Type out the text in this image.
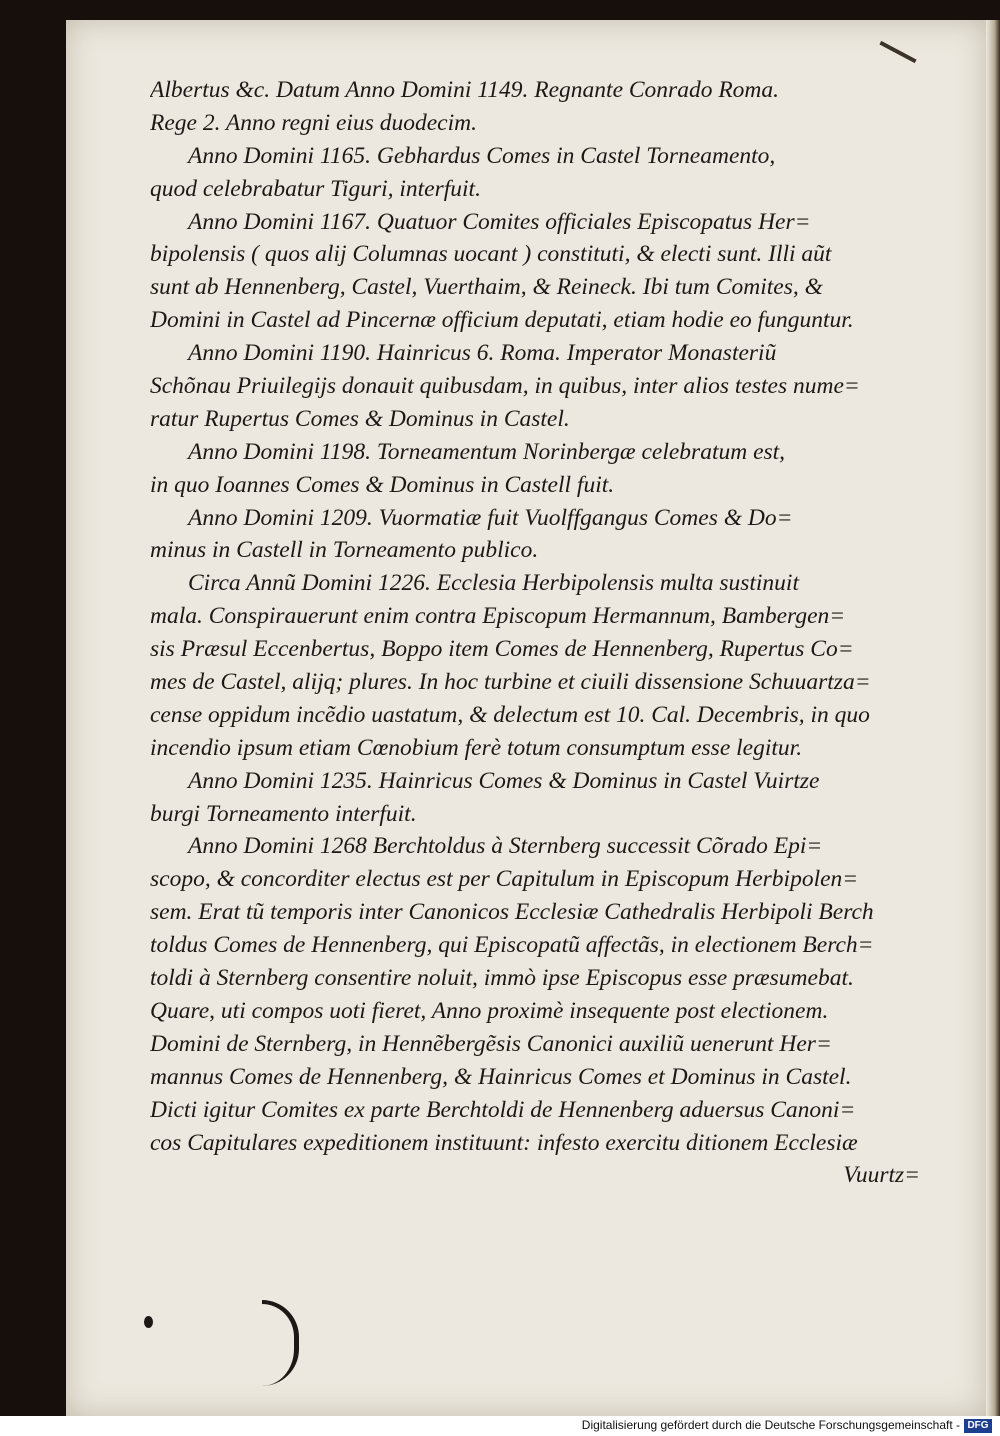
Albertus &c. Datum Anno Domini 1149. Regnante Conrado Roma.
Rege 2. Anno regni eius duodecim.
Anno Domini 1165. Gebhardus Comes in Castel Torneamento,
quod celebrabatur Tiguri, interfuit.
Anno Domini 1167. Quatuor Comites officiales Episcopatus Her=
bipolensis ( quos alij Columnas uocant ) constituti, & electi sunt. Illi aũt
sunt ab Hennenberg, Castel, Vuerthaim, & Reineck. Ibi tum Comites, &
Domini in Castel ad Pincernæ officium deputati, etiam hodie eo funguntur.
Anno Domini 1190. Hainricus 6. Roma. Imperator Monasteriũ
Schõnau Priuilegijs donauit quibusdam, in quibus, inter alios testes nume=
ratur Rupertus Comes & Dominus in Castel.
Anno Domini 1198. Torneamentum Norinbergæ celebratum est,
in quo Ioannes Comes & Dominus in Castell fuit.
Anno Domini 1209. Vuormatiæ fuit Vuolffgangus Comes & Do=
minus in Castell in Torneamento publico.
Circa Annũ Domini 1226. Ecclesia Herbipolensis multa sustinuit
mala. Conspirauerunt enim contra Episcopum Hermannum, Bambergen=
sis Præsul Eccenbertus, Boppo item Comes de Hennenberg, Rupertus Co=
mes de Castel, alijq; plures. In hoc turbine et ciuili dissensione Schuuartza=
cense oppidum incẽdio uastatum, & delectum est 10. Cal. Decembris, in quo
incendio ipsum etiam Cœnobium ferè totum consumptum esse legitur.
Anno Domini 1235. Hainricus Comes & Dominus in Castel Vuirtze
burgi Torneamento interfuit.
Anno Domini 1268 Berchtoldus à Sternberg successit Cõrado Epi=
scopo, & concorditer electus est per Capitulum in Episcopum Herbipolen=
sem. Erat tũ temporis inter Canonicos Ecclesiæ Cathedralis Herbipoli Berch
toldus Comes de Hennenberg, qui Episcopatũ affectãs, in electionem Berch=
toldi à Sternberg consentire noluit, immò ipse Episcopus esse præsumebat.
Quare, uti compos uoti fieret, Anno proximè insequente post electionem.
Domini de Sternberg, in Hennẽbergẽsis Canonici auxiliũ uenerunt Her=
mannus Comes de Hennenberg, & Hainricus Comes et Dominus in Castel.
Dicti igitur Comites ex parte Berchtoldi de Hennenberg aduersus Canoni=
cos Capitulares expeditionem instituunt: infesto exercitu ditionem Ecclesiæ
Vuurtz=
Digitalisierung gefördert durch die Deutsche Forschungsgemeinschaft - DFG
